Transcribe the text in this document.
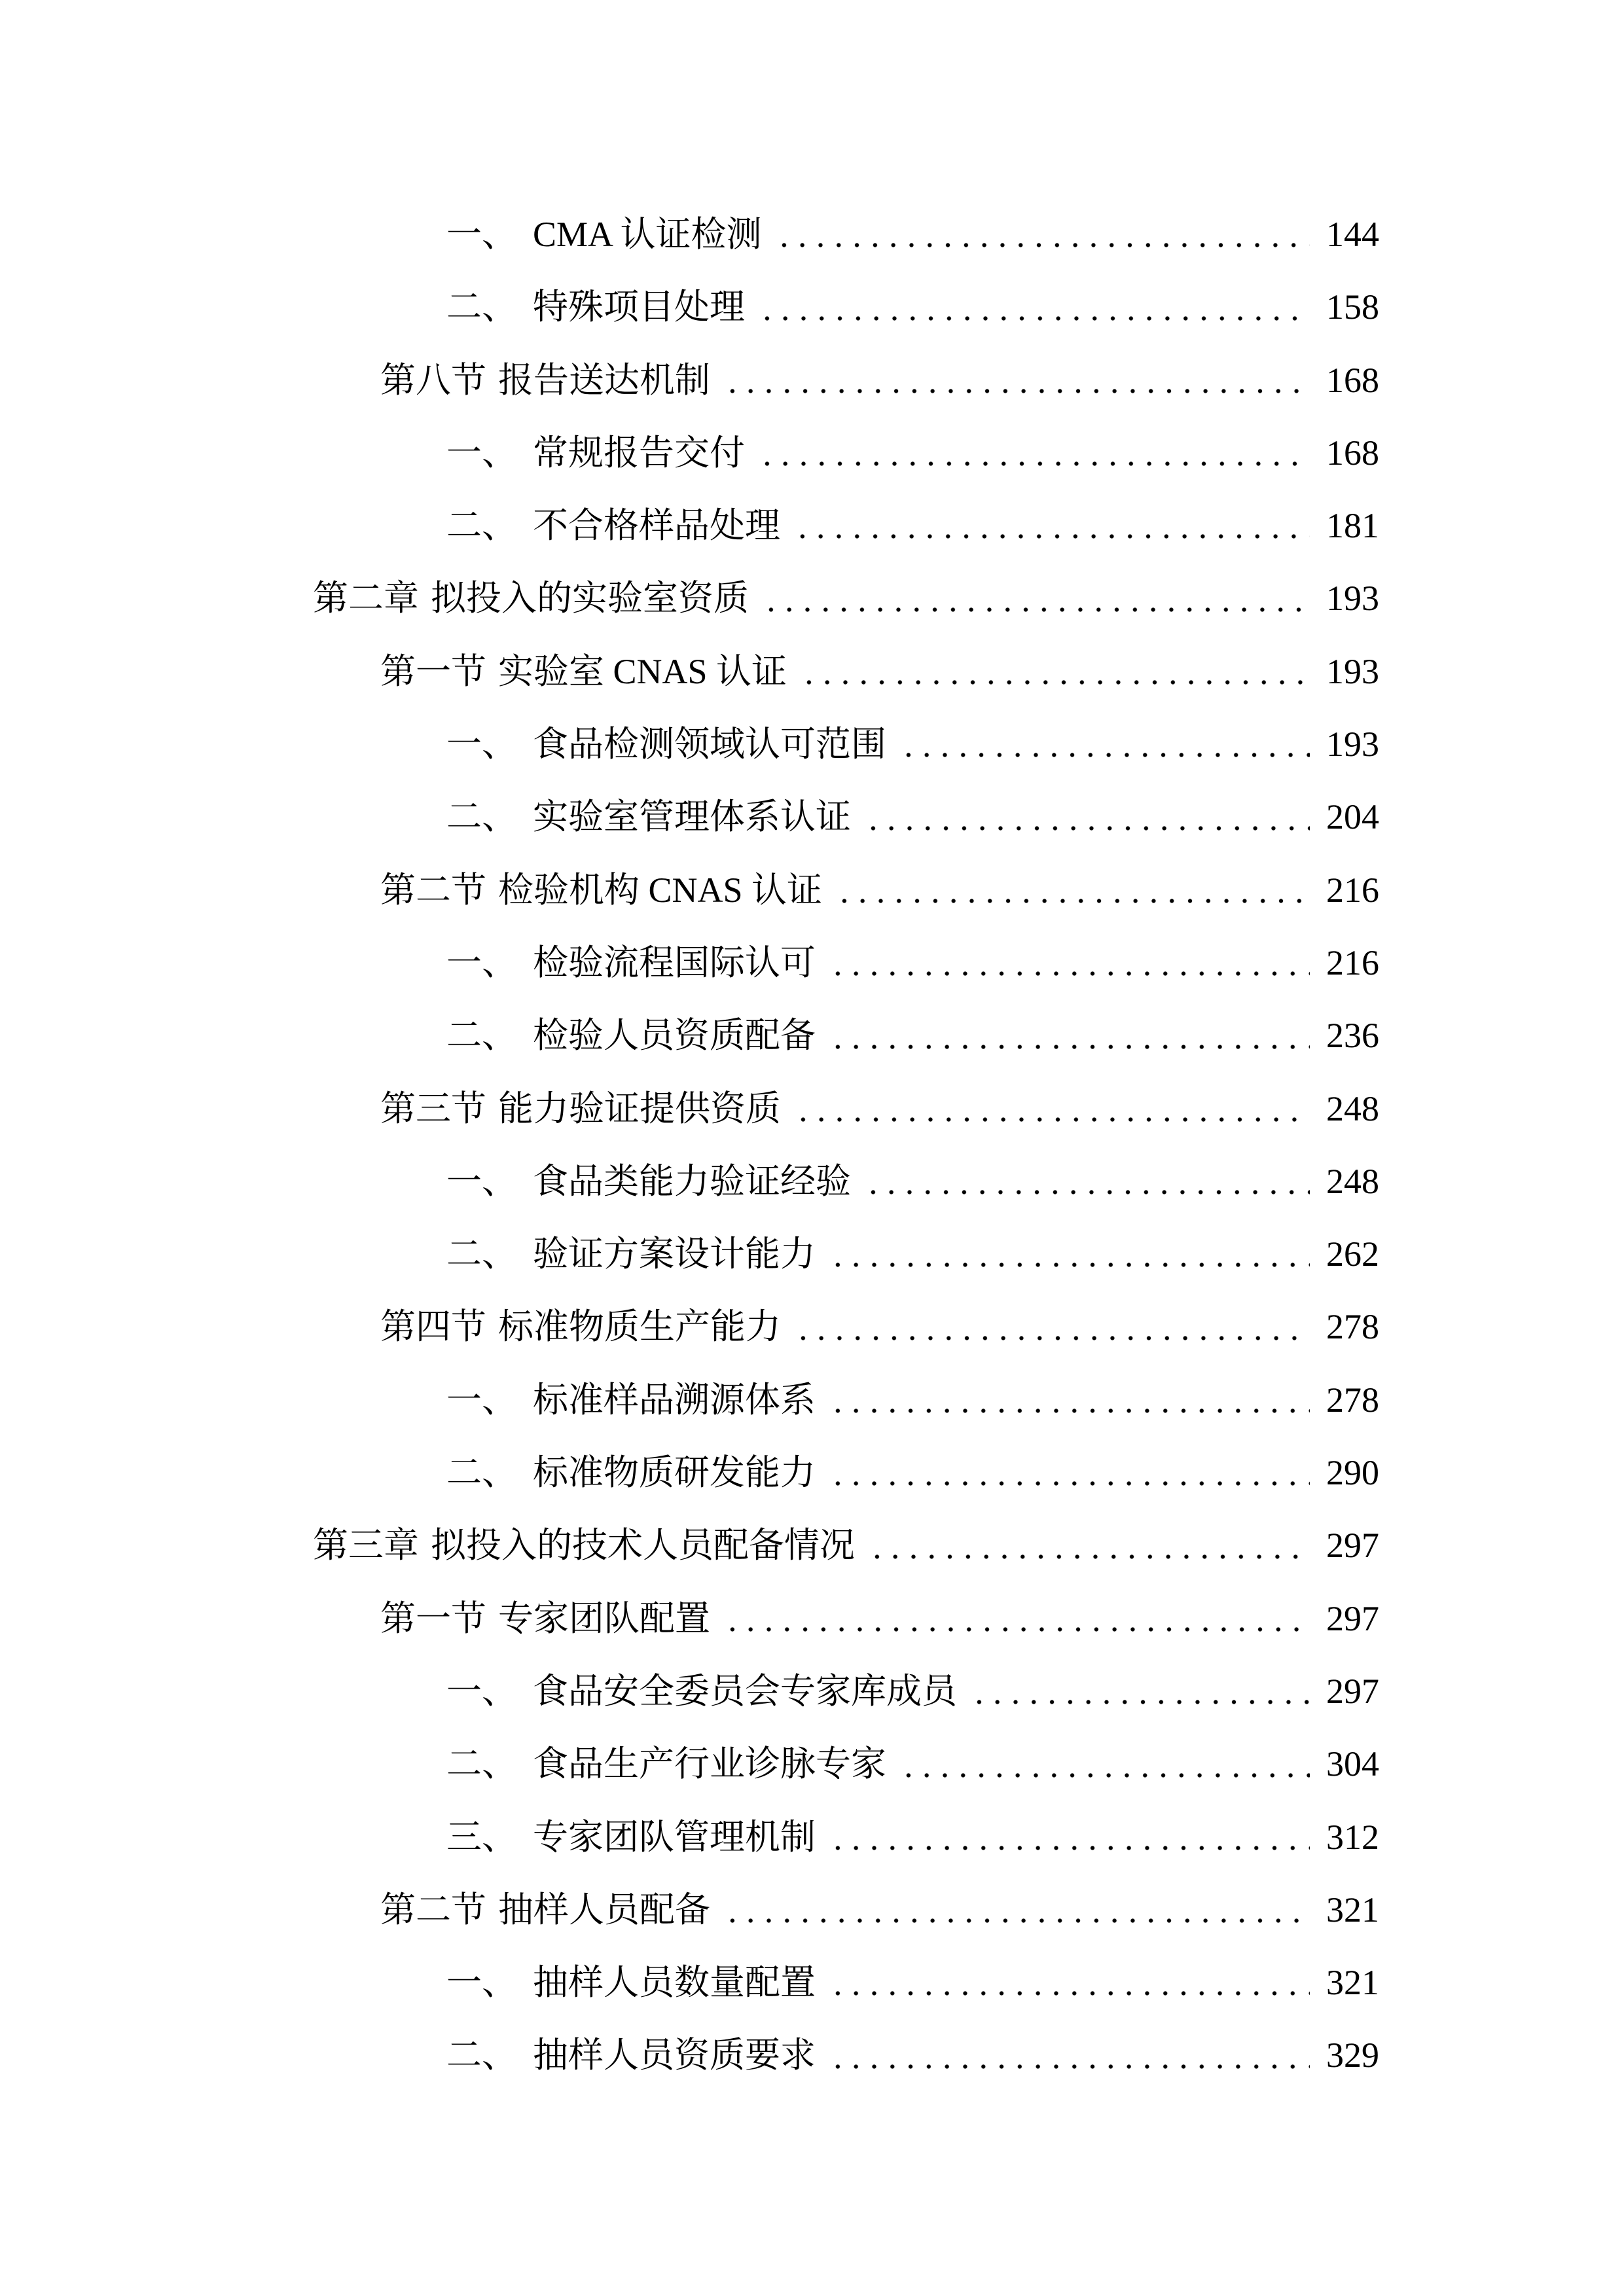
一、 CMA 认证检测	144
二、 特殊项目处理	158
第八节 报告送达机制	168
一、 常规报告交付	168
二、 不合格样品处理	181
第二章 拟投入的实验室资质	193
第一节 实验室 CNAS 认证	193
一、 食品检测领域认可范围	193
二、 实验室管理体系认证	204
第二节 检验机构 CNAS 认证	216
一、 检验流程国际认可	216
二、 检验人员资质配备	236
第三节 能力验证提供资质	248
一、 食品类能力验证经验	248
二、 验证方案设计能力	262
第四节 标准物质生产能力	278
一、 标准样品溯源体系	278
二、 标准物质研发能力	290
第三章 拟投入的技术人员配备情况	297
第一节 专家团队配置	297
一、 食品安全委员会专家库成员	297
二、 食品生产行业诊脉专家	304
三、 专家团队管理机制	312
第二节 抽样人员配备	321
一、 抽样人员数量配置	321
二、 抽样人员资质要求	329
